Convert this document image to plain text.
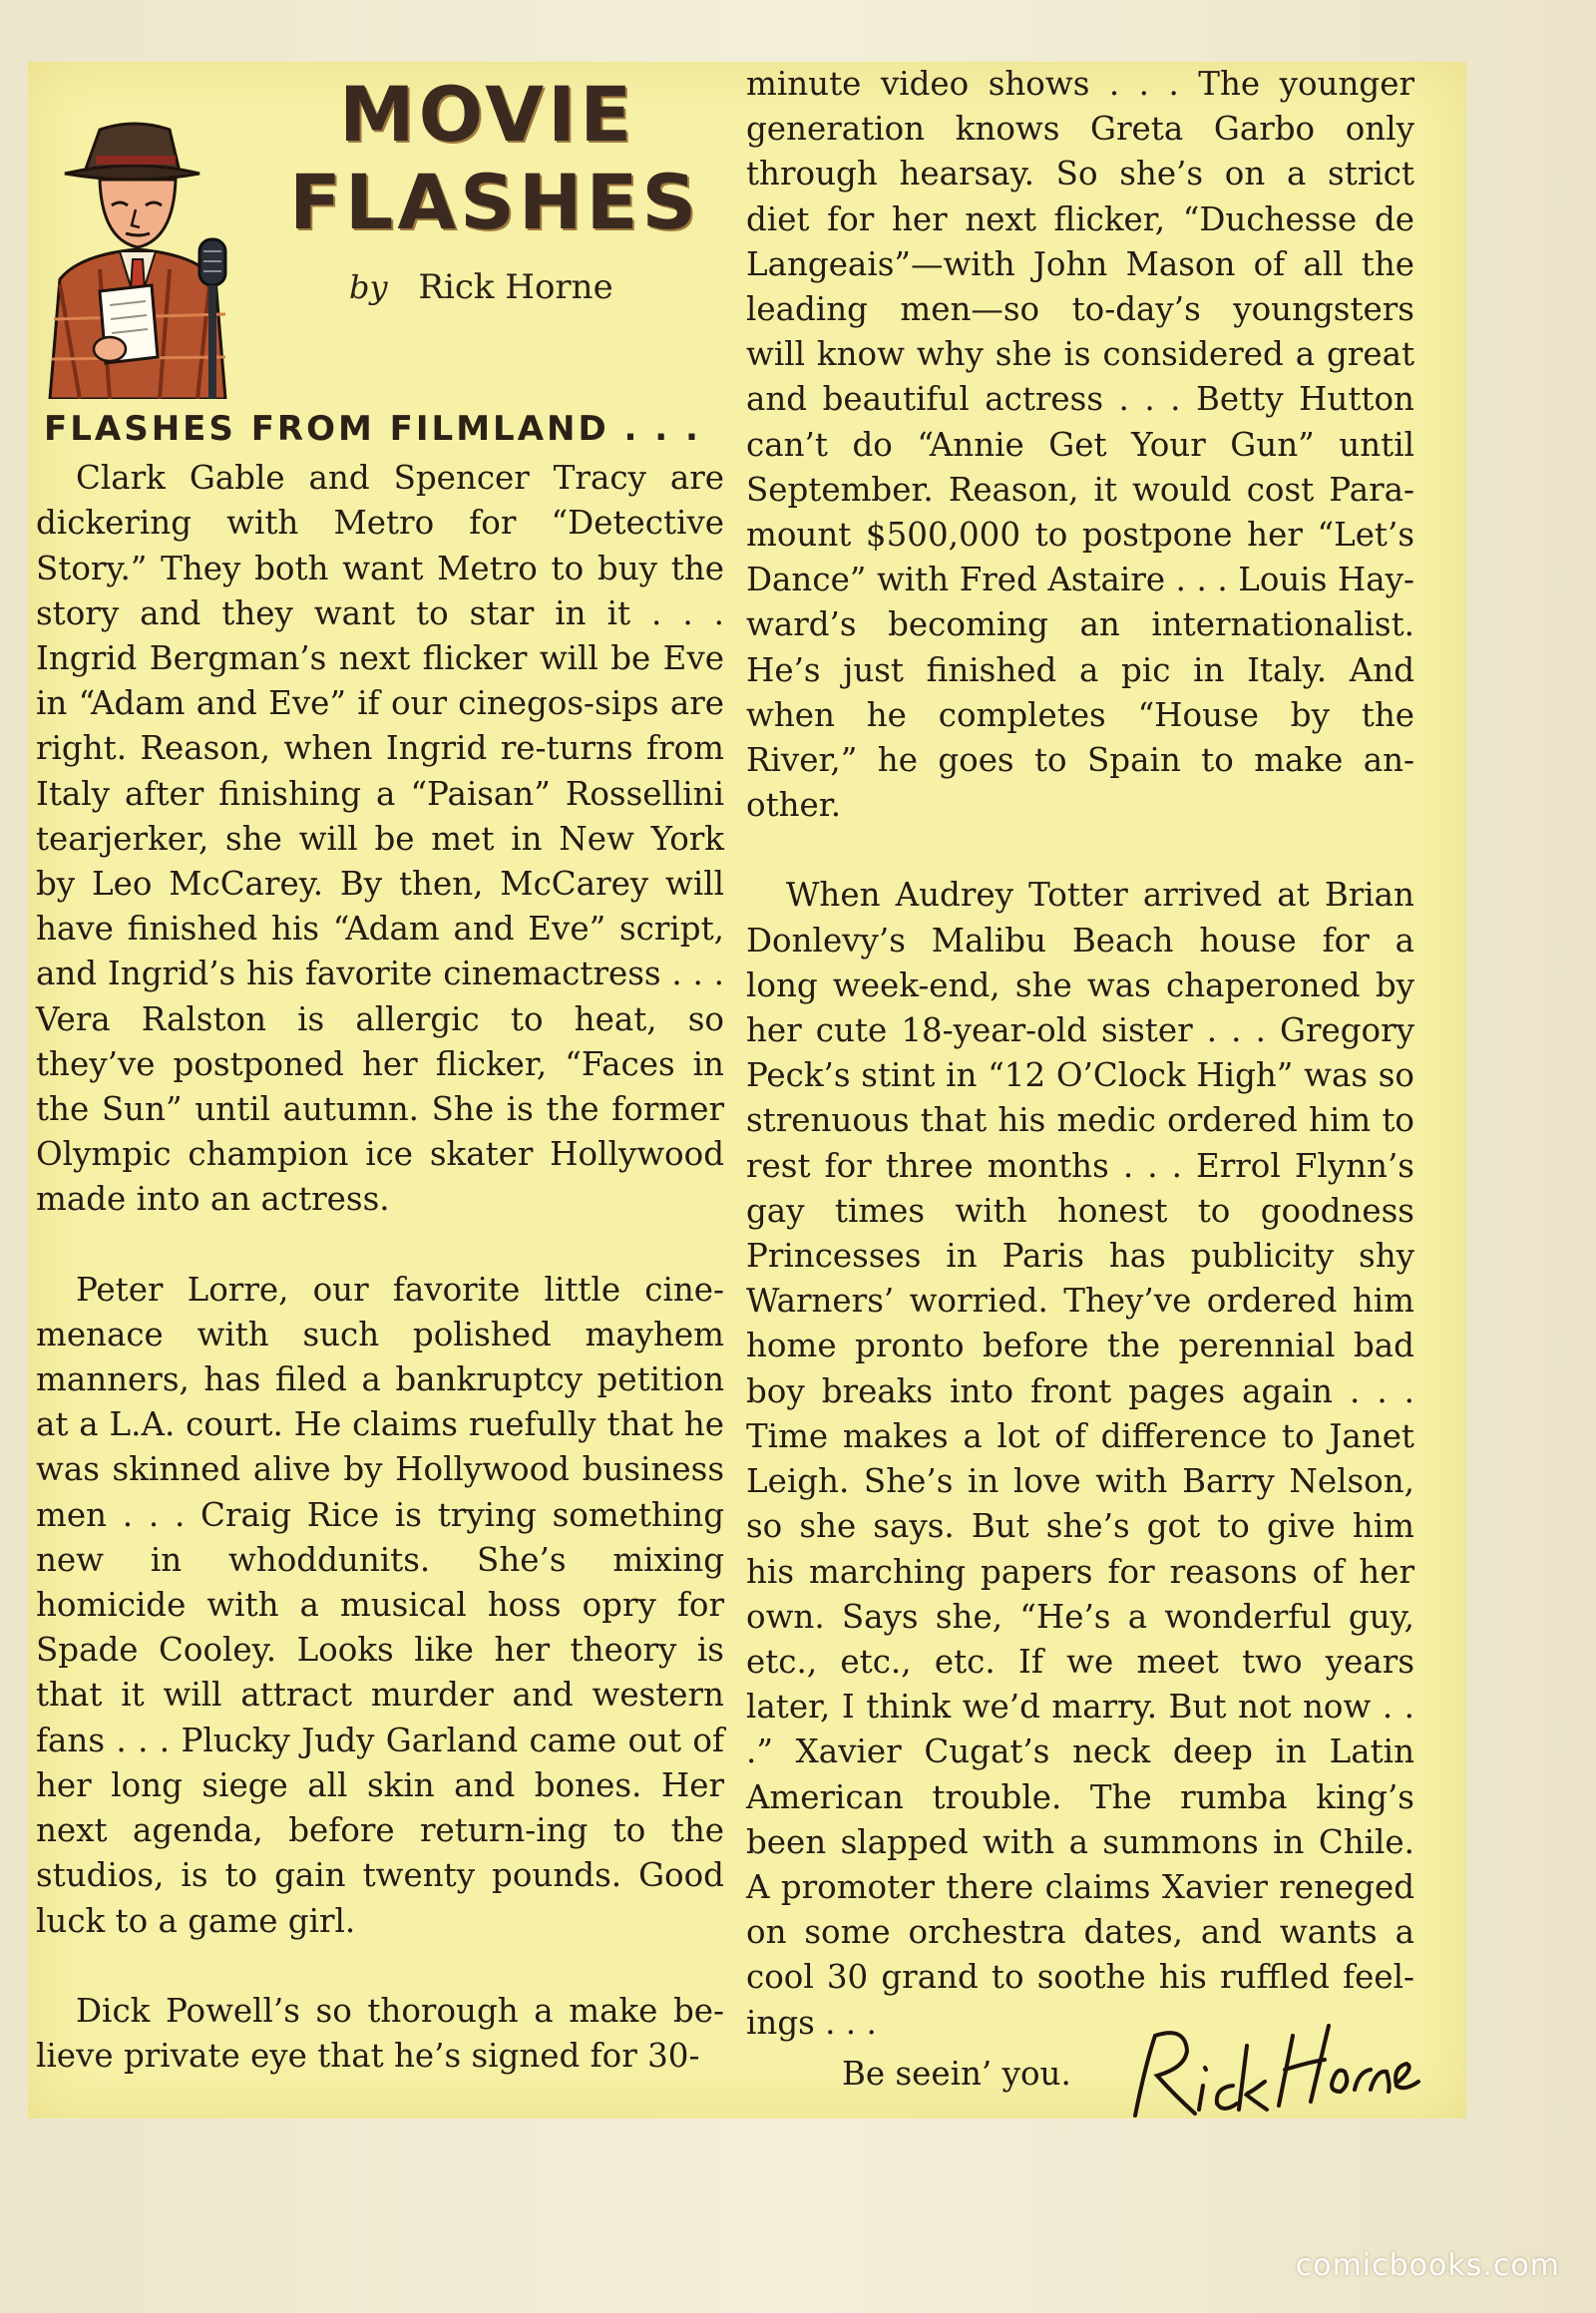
MOVIE
FLASHES
by Rick Horne
FLASHES FROM FILMLAND . . .

Clark Gable and Spencer Tracy are dickering with Metro for “Detective Story.” They both want Metro to buy the story and they want to star in it . . . Ingrid Bergman’s next flicker will be Eve in “Adam and Eve” if our cinegos-sips are right. Reason, when Ingrid re-turns from Italy after finishing a “Paisan” Rossellini tearjerker, she will be met in New York by Leo McCarey. By then, McCarey will have finished his “Adam and Eve” script, and Ingrid’s his favorite cinemactress . . . Vera Ralston is allergic to heat, so they’ve postponed her flicker, “Faces in the Sun” until autumn. She is the former Olympic champion ice skater Hollywood made into an actress.

Peter Lorre, our favorite little cine-menace with such polished mayhem manners, has filed a bankruptcy petition at a L.A. court. He claims ruefully that he was skinned alive by Hollywood business men . . . Craig Rice is trying something new in whoddunits. She’s mixing homicide with a musical hoss opry for Spade Cooley. Looks like her theory is that it will attract murder and western fans . . . Plucky Judy Garland came out of her long siege all skin and bones. Her next agenda, before return-ing to the studios, is to gain twenty pounds. Good luck to a game girl.

Dick Powell’s so thorough a make be-lieve private eye that he’s signed for 30-

minute video shows . . . The younger generation knows Greta Garbo only through hearsay. So she’s on a strict diet for her next flicker, “Duchesse de Langeais”—with John Mason of all the leading men—so to-day’s youngsters will know why she is considered a great and beautiful actress . . . Betty Hutton can’t do “Annie Get Your Gun” until September. Reason, it would cost Para-mount $500,000 to postpone her “Let’s Dance” with Fred Astaire . . . Louis Hay-ward’s becoming an internationalist. He’s just finished a pic in Italy. And when he completes “House by the River,” he goes to Spain to make an-other.

When Audrey Totter arrived at Brian Donlevy’s Malibu Beach house for a long week-end, she was chaperoned by her cute 18-year-old sister . . . Gregory Peck’s stint in “12 O’Clock High” was so strenuous that his medic ordered him to rest for three months . . . Errol Flynn’s gay times with honest to goodness Princesses in Paris has publicity shy Warners’ worried. They’ve ordered him home pronto before the perennial bad boy breaks into front pages again . . . Time makes a lot of difference to Janet Leigh. She’s in love with Barry Nelson, so she says. But she’s got to give him his marching papers for reasons of her own. Says she, “He’s a wonderful guy, etc., etc., etc. If we meet two years later, I think we’d marry. But not now . . .” Xavier Cugat’s neck deep in Latin American trouble. The rumba king’s been slapped with a summons in Chile. A promoter there claims Xavier reneged on some orchestra dates, and wants a cool 30 grand to soothe his ruffled feel-ings . . .

Be seein’ you.
comicbooks.com
